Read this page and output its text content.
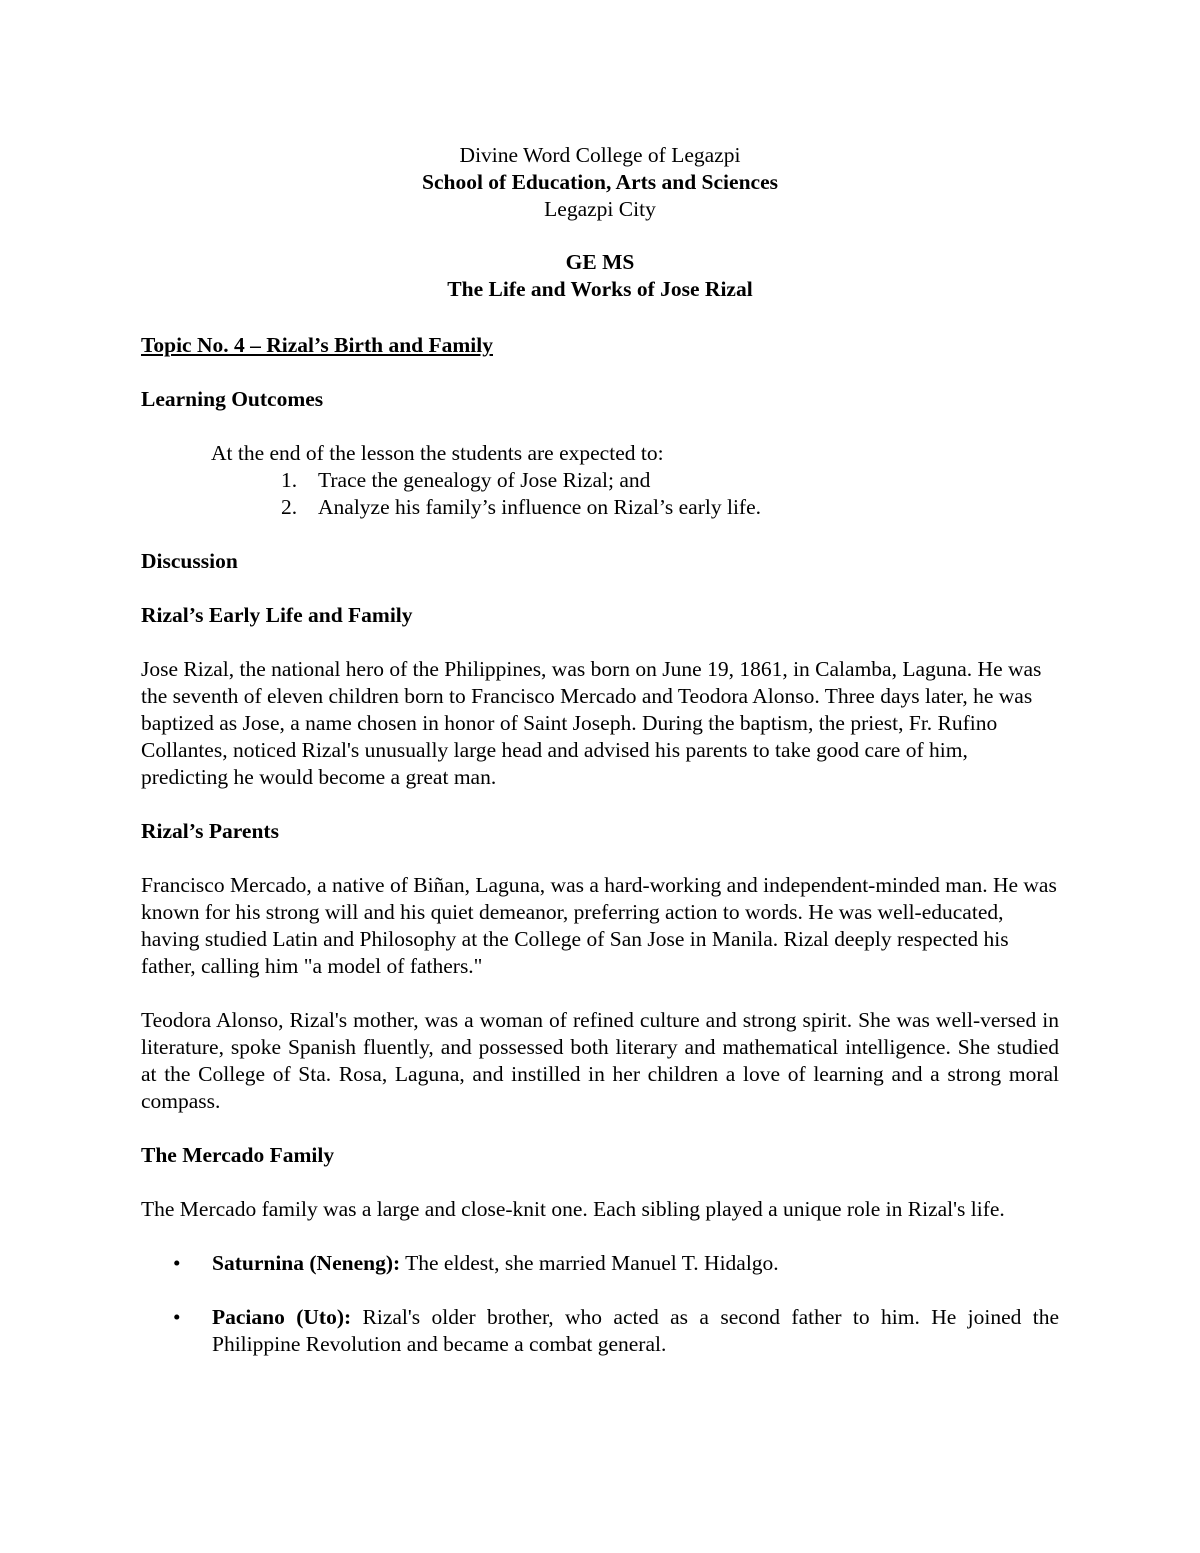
Divine Word College of Legazpi
School of Education, Arts and Sciences
Legazpi City
GE MS
The Life and Works of Jose Rizal
Topic No. 4 – Rizal’s Birth and Family
Learning Outcomes
At the end of the lesson the students are expected to:
1. Trace the genealogy of Jose Rizal; and
2. Analyze his family’s influence on Rizal’s early life.
Discussion
Rizal’s Early Life and Family

Jose Rizal, the national hero of the Philippines, was born on June 19, 1861, in Calamba, Laguna. He was the seventh of eleven children born to Francisco Mercado and Teodora Alonso. Three days later, he was baptized as Jose, a name chosen in honor of Saint Joseph. During the baptism, the priest, Fr. Rufino Collantes, noticed Rizal's unusually large head and advised his parents to take good care of him, predicting he would become a great man.

Rizal’s Parents

Francisco Mercado, a native of Biñan, Laguna, was a hard-working and independent-minded man. He was known for his strong will and his quiet demeanor, preferring action to words. He was well-educated, having studied Latin and Philosophy at the College of San Jose in Manila. Rizal deeply respected his father, calling him "a model of fathers."

Teodora Alonso, Rizal's mother, was a woman of refined culture and strong spirit. She was well-versed in literature, spoke Spanish fluently, and possessed both literary and mathematical intelligence. She studied at the College of Sta. Rosa, Laguna, and instilled in her children a love of learning and a strong moral compass.

The Mercado Family

The Mercado family was a large and close-knit one. Each sibling played a unique role in Rizal's life.

• Saturnina (Neneng): The eldest, she married Manuel T. Hidalgo.
• Paciano (Uto): Rizal's older brother, who acted as a second father to him. He joined the Philippine Revolution and became a combat general.
